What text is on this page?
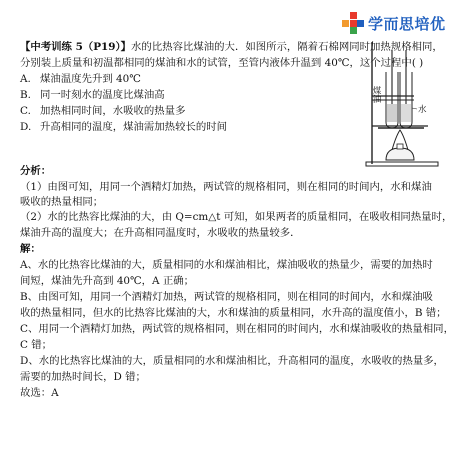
学而思培优
【中考训练 5（P19）】水的比热容比煤油的大．如图所示，隔着石棉网同时加热规格相同，
分别装上质量和初温都相同的煤油和水的试管，至管内液体升温到 40℃，这个过程中( )
A. 煤油温度先升到 40℃
B. 同一时刻水的温度比煤油高
C. 加热相同时间，水吸收的热量多
D. 升高相同的温度，煤油需加热较长的时间
煤油
水
分析：
（1）由图可知，用同一个酒精灯加热，两试管的规格相同，则在相同的时间内，水和煤油
吸收的热量相同；
（2）水的比热容比煤油的大，由 Q=cm△t 可知，如果两者的质量相同，在吸收相同热量时，
煤油升高的温度大；在升高相同温度时，水吸收的热量较多．
解：
A、水的比热容比煤油的大，质量相同的水和煤油相比，煤油吸收的热量少，需要的加热时
间短，煤油先升高到 40℃，A 正确；
B、由图可知，用同一个酒精灯加热，两试管的规格相同，则在相同的时间内，水和煤油吸
收的热量相同，但水的比热容比煤油的大，水和煤油的质量相同，水升高的温度值小，B 错；
C、用同一个酒精灯加热，两试管的规格相同，则在相同的时间内，水和煤油吸收的热量相同，
C 错；
D、水的比热容比煤油的大，质量相同的水和煤油相比，升高相同的温度，水吸收的热量多，
需要的加热时间长，D 错；
故选：A
